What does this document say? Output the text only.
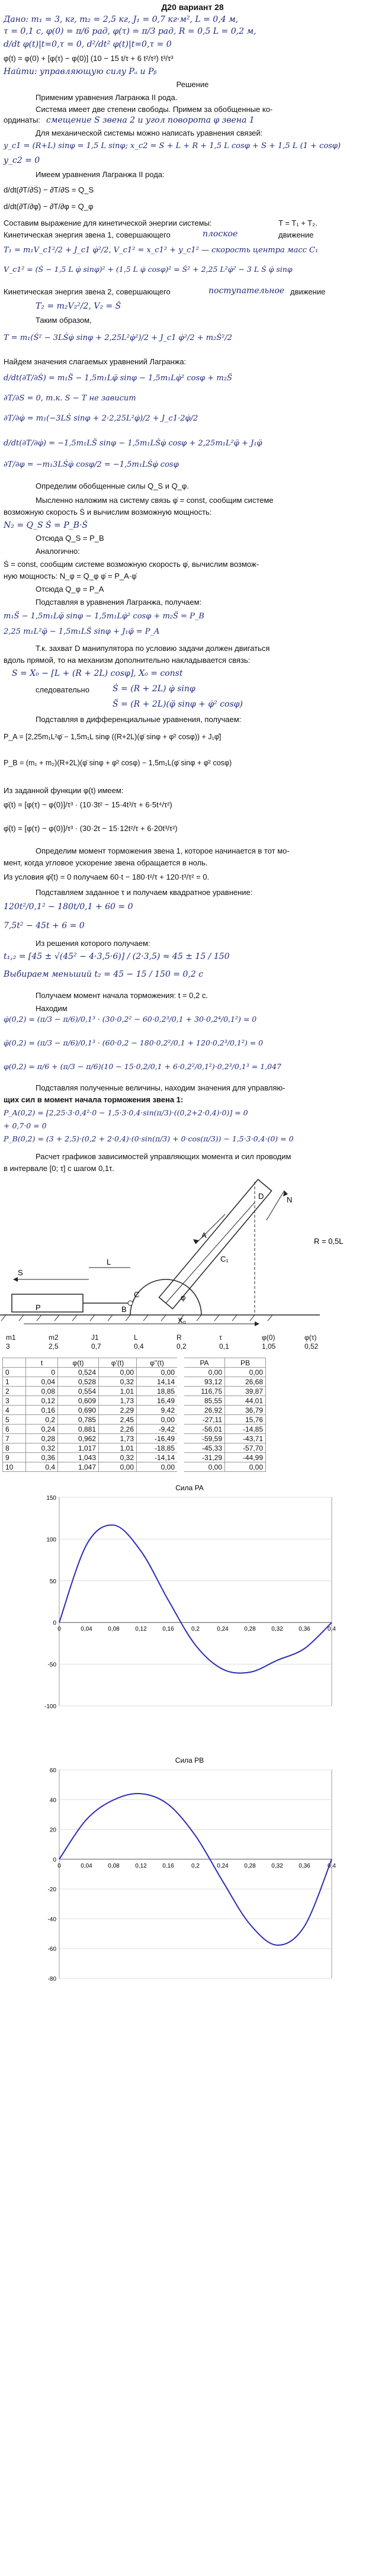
Д20 вариант 28
Дано: m₁ = 3, кг, m₂ = 2,5 кг, J₁ = 0,7 кг·м², L = 0,4 м,
τ = 0,1 с, φ(0) = π/6 рад, φ(τ) = π/3 рад, R = 0,5 L = 0,2 м,
d/dt φ(t)|t=0,τ = 0, d²/dt² φ(t)|t=0,τ = 0
φ(t) = φ(0) + [φ(τ) − φ(0)] (10 − 15 t/τ + 6 t²/τ²) t³/τ³
Найти: управляющую силу Pₐ и Pᵦ
Решение
Применим уравнения Лагранжа II рода.
Система имеет две степени свободы. Примем за обобщенные ко-
ординаты: смещение S звена 2 и угол поворота φ звена 1
Для механической системы можно написать уравнения связей:
y_c1 = (R+L) sinφ = 1,5 L sinφ; x_c2 = S + L + R + 1,5 L cosφ + S + 1,5 L (1 + cosφ)
y_c2 = 0
Имеем уравнения Лагранжа II рода:
d/dt(∂T/∂Ṡ) − ∂T/∂S = Q_S
d/dt(∂T/∂φ̇) − ∂T/∂φ = Q_φ
Составим выражение для кинетической энергии системы:	T = T₁ + T₂.
Кинетическая энергия звена 1, совершающего	плоское	движение
T₁ = m₁V_c1²/2 + J_c1 φ̇²/2, V_c1² = x_c1² + y_c1² — скорость центра масс C₁
V_c1² = (Ṡ − 1,5 L φ̇ sinφ)² + (1,5 L φ̇ cosφ)² = Ṡ² + 2,25 L²φ̇² − 3 L Ṡ φ̇ sinφ
Кинетическая энергия звена 2, совершающего	поступательное движение
T₂ = m₂V₂²/2, V₂ = Ṡ
Таким образом,
T = m₁(Ṡ² − 3LṠφ̇ sinφ + 2,25L²φ̇²)/2 + J_c1 φ̇²/2 + m₂Ṡ²/2
Найдем значения слагаемых уравнений Лагранжа:
d/dt(∂T/∂Ṡ) = m₁S̈ − 1,5m₁Lφ̈ sinφ − 1,5m₁Lφ̇² cosφ + m₂S̈
∂T/∂S = 0, т.к. S − T не зависит
∂T/∂φ̇ = m₁(−3LṠ sinφ + 2·2,25L²φ̇)/2 + J_c1·2φ̇/2
d/dt(∂T/∂φ̇) = −1,5m₁LS̈ sinφ − 1,5m₁LṠφ̇ cosφ + 2,25m₁L²φ̈ + J₁φ̈
∂T/∂φ = −m₁3LṠφ̇ cosφ/2 = −1,5m₁LṠφ̇ cosφ
Определим обобщенные силы Q_S и Q_φ.
Мысленно наложим на систему связь φ̇ = const, сообщим системе
возможную скорость Ṡ и вычислим возможную мощность:
N₂ = Q_S Ṡ = P_B·Ṡ
Отсюда Q_S = P_B
Аналогично:
Ṡ = const, сообщим системе возможную скорость φ̇, вычислим возмож-
ную мощность: N_φ = Q_φ φ̇ = P_A·φ̇
Отсюда Q_φ = P_A
Подставляя в уравнения Лагранжа, получаем:
m₁S̈ − 1,5m₁Lφ̈ sinφ − 1,5m₁Lφ̇² cosφ + m₂S̈ = P_B
2,25 m₁L²φ̈ − 1,5m₁LS̈ sinφ + J₁φ̈ = P_A
Т.к. захват D манипулятора по условию задачи должен двигаться
вдоль прямой, то на механизм дополнительно накладывается связь:
S = X₀ − [L + (R + 2L) cosφ], X₀ = const
следовательно	Ṡ = (R + 2L) φ̇ sinφ
S̈ = (R + 2L)(φ̈ sinφ + φ̇² cosφ)
Подставляя в дифференциальные уравнения, получаем:
P_A = [2,25m₁L²φ̈ − 1,5m₁L sinφ ((R+2L)(φ̈ sinφ + φ̇² cosφ)) + J₁φ̈]
P_B = (m₁ + m₂)(R+2L)(φ̈ sinφ + φ̇² cosφ) − 1,5m₁L(φ̈ sinφ + φ̇² cosφ)
Из заданной функции φ(t) имеем:
φ̇(t) = [φ(τ) − φ(0)]/τ³ · (10·3t² − 15·4t³/τ + 6·5t⁴/τ²)
φ̈(t) = [φ(τ) − φ(0)]/τ³ · (30·2t − 15·12t²/τ + 6·20t³/τ²)
Определим момент торможения звена 1, которое начинается в тот мо-
мент, когда угловое ускорение звена обращается в ноль.
Из условия φ̈(t) = 0 получаем 60·t − 180·t²/τ + 120·t³/τ² = 0.
Подставляем заданное τ и получаем квадратное уравнение:
120t²/0,1² − 180t/0,1 + 60 = 0
7,5t² − 45t + 6 = 0
Из решения которого получаем:
t₁,₂ = [45 ± √(45² − 4·3,5·6)] / (2·3,5) ≈ 45 ± 15 / 150
Выбираем меньший t₂ = 45 − 15 / 150 = 0,2 с
Получаем момент начала торможения: t = 0,2 с.
Находим
φ̇(0,2) = (π/3 − π/6)/0,1³ · (30·0,2² − 60·0,2³/0,1 + 30·0,2⁴/0,1²) = 0
φ̈(0,2) = (π/3 − π/6)/0,1³ · (60·0,2 − 180·0,2²/0,1 + 120·0,2³/0,1²) = 0
φ(0,2) = π/6 + (π/3 − π/6)(10 − 15·0,2/0,1 + 6·0,2²/0,1²)·0,2³/0,1³ = 1,047
Подставляя полученные величины, находим значения для управляю-
щих сил в момент начала торможения звена 1:
P_A(0,2) = [2,25·3·0,4²·0 − 1,5·3·0,4·sin(π/3)·((0,2+2·0,4)·0)] = 0
+ 0,7·0 = 0
P_B(0,2) = (3 + 2,5)·(0,2 + 2·0,4)·(0·sin(π/3) + 0·cos(π/3)) − 1,5·3·0,4·(0) = 0
Расчет графиков зависимостей управляющих момента и сил проводим
в интервале [0; τ] с шагом 0,1τ.
S
L
P
X₀
A
N
D
C₁
C
B
φ
R = 0,5L
m1	m2	J1	L	R	τ	φ(0)	φ(τ)
3	2,5	0,7	0,4	0,2	0,1	1,05	0,52
	t	φ(t)	φ'(t)	φ''(t)	PA	PB
0	0	0,524	0,00	0,00	0,00	0,00
1	0,04	0,528	0,32	14,14	93,12	26,68
2	0,08	0,554	1,01	18,85	116,75	39,87
3	0,12	0,609	1,73	16,49	85,55	44,01
4	0,16	0,690	2,29	9,42	26,92	36,79
5	0,2	0,785	2,45	0,00	-27,11	15,76
6	0,24	0,881	2,26	-9,42	-56,01	-14,85
7	0,28	0,962	1,73	-16,49	-59,59	-43,71
8	0,32	1,017	1,01	-18,85	-45,33	-57,70
9	0,36	1,043	0,32	-14,14	-31,29	-44,99
10	0,4	1,047	0,00	0,00	0,00	0,00
Сила PA
-100
-50
0
50
100
150
0	0,04	0,08	0,12	0,16	0,2	0,24	0,28	0,32	0,36	0,4
Сила PB
-80
-60
-40
-20
0
20
40
60
0	0,04	0,08	0,12	0,16	0,2	0,24	0,28	0,32	0,36	0,4
